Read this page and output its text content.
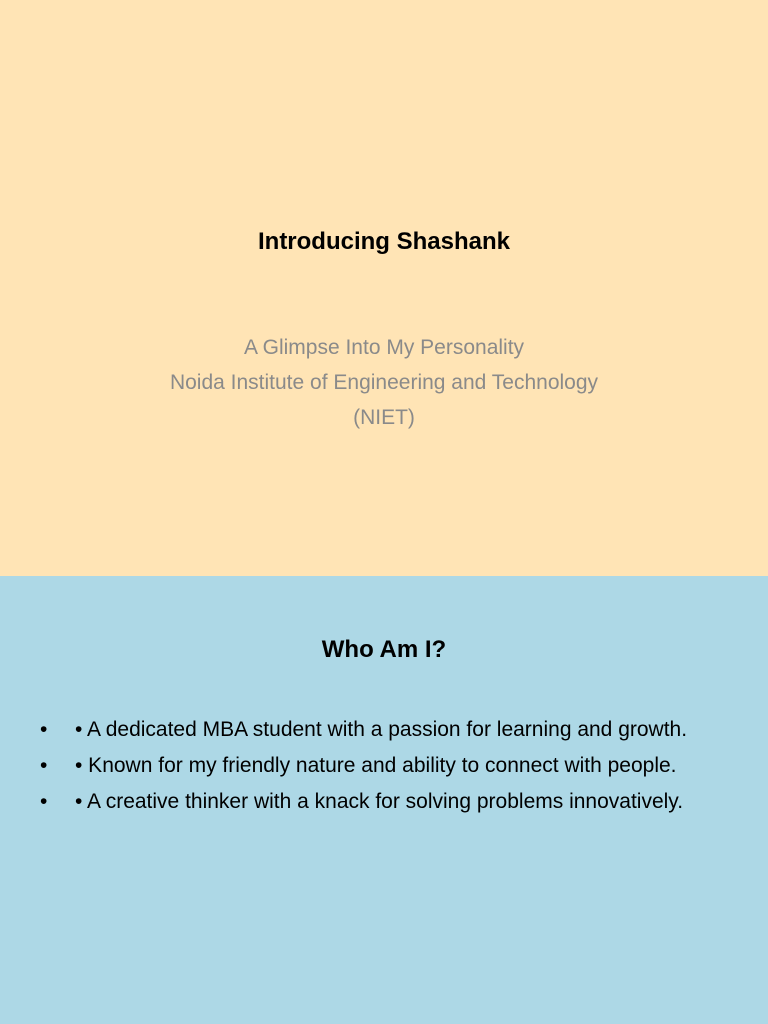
Introducing Shashank
A Glimpse Into My Personality
Noida Institute of Engineering and Technology
(NIET)
Who Am I?
•	• A dedicated MBA student with a passion for learning and growth.
•	• Known for my friendly nature and ability to connect with people.
•	• A creative thinker with a knack for solving problems innovatively.
